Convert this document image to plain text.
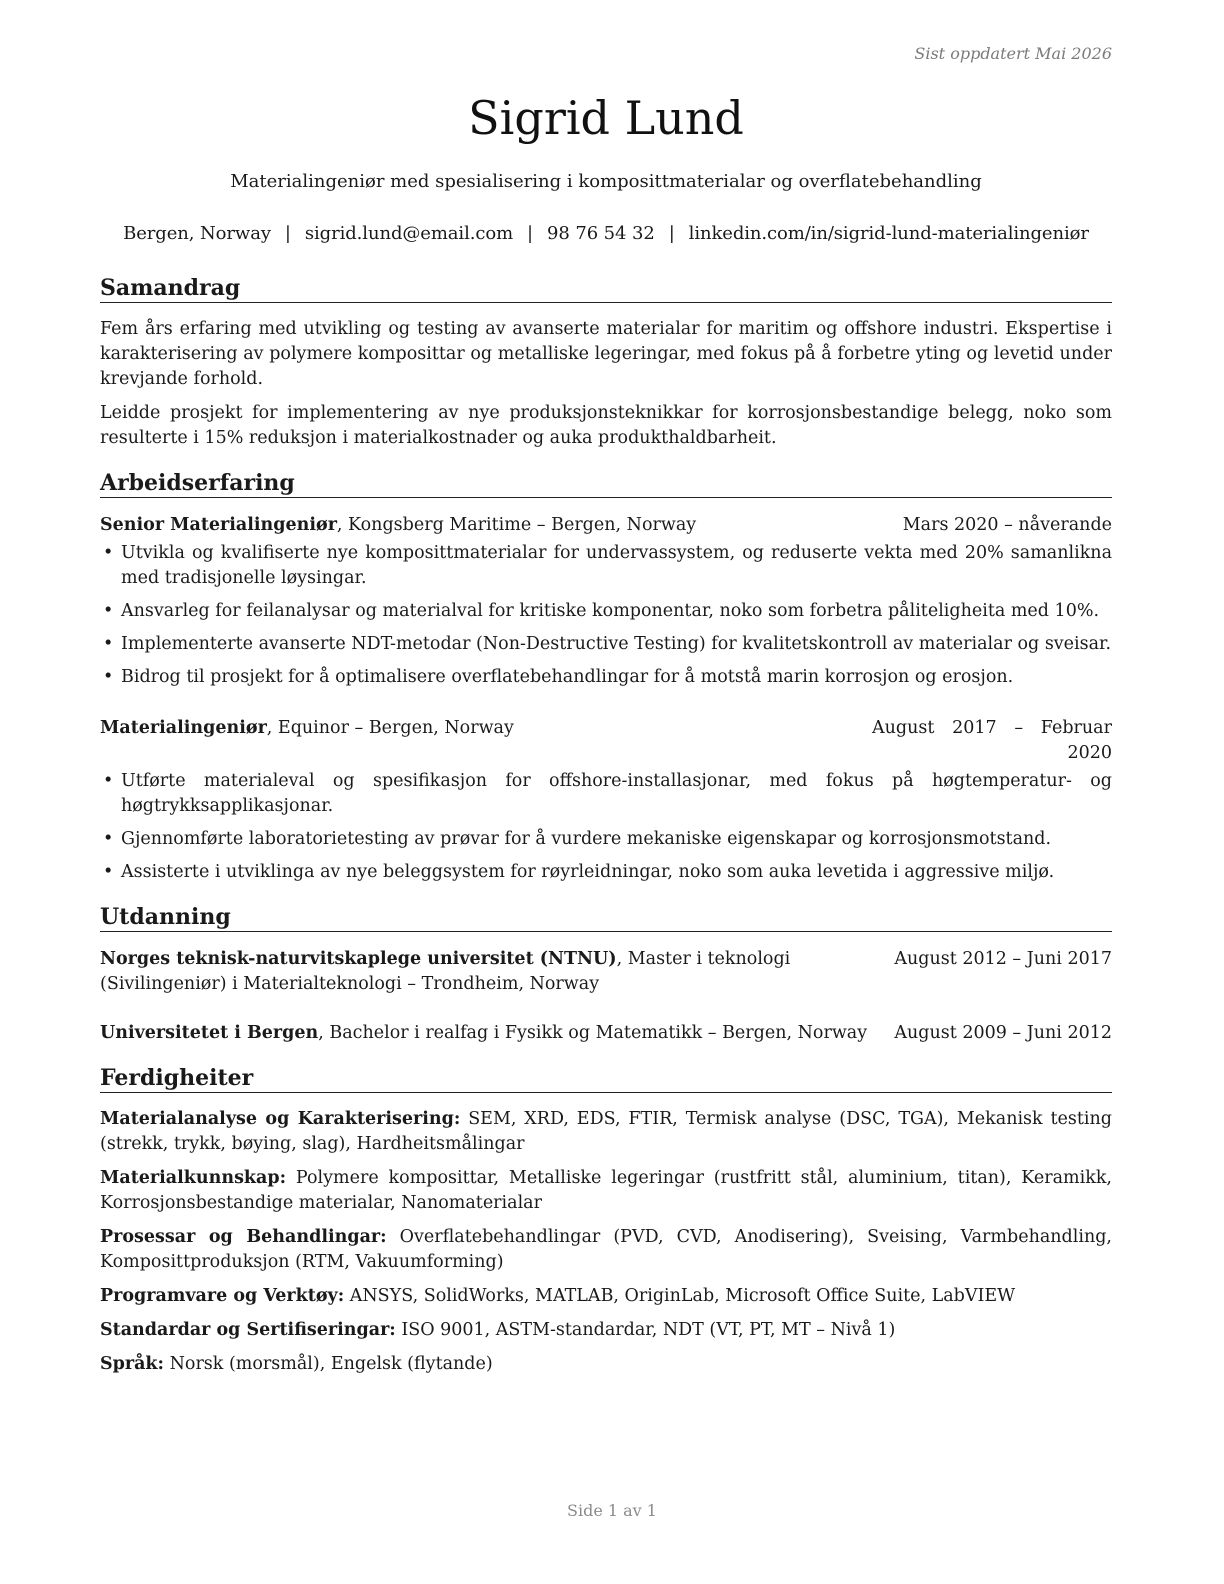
Sist oppdatert Mai 2026
Sigrid Lund
Materialingeniør med spesialisering i komposittmaterialar og overflatebehandling
Bergen, Norway | sigrid.lund@email.com | 98 76 54 32 | linkedin.com/in/sigrid-lund-materialingeniør
Samandrag

Fem års erfaring med utvikling og testing av avanserte materialar for maritim og offshore industri. Ekspertise i karakterisering av polymere komposittar og metalliske legeringar, med fokus på å forbetre yting og levetid under krevjande forhold.

Leidde prosjekt for implementering av nye produksjonsteknikkar for korrosjonsbestandige belegg, noko som resulterte i 15% reduksjon i materialkostnader og auka produkthaldbarheit.

Arbeidserfaring
Senior Materialingeniør, Kongsberg Maritime – Bergen, Norway	Mars 2020 – nåverande
• Utvikla og kvalifiserte nye komposittmaterialar for undervassystem, og reduserte vekta med 20% samanlikna med tradisjonelle løysingar.
• Ansvarleg for feilanalysar og materialval for kritiske komponentar, noko som forbetra påliteligheita med 10%.
• Implementerte avanserte NDT-metodar (Non-Destructive Testing) for kvalitetskontroll av materialar og sveisar.
• Bidrog til prosjekt for å optimalisere overflatebehandlingar for å motstå marin korrosjon og erosjon.
Materialingeniør, Equinor – Bergen, Norway	August 2017 – Februar 2020
• Utførte materialeval og spesifikasjon for offshore-installasjonar, med fokus på høgtemperatur- og høgtrykksapplikasjonar.
• Gjennomførte laboratorietesting av prøvar for å vurdere mekaniske eigenskapar og korrosjonsmotstand.
• Assisterte i utviklinga av nye beleggsystem for røyrleidningar, noko som auka levetida i aggressive miljø.
Utdanning
Norges teknisk-naturvitskaplege universitet (NTNU), Master i teknologi (Sivilingeniør) i Materialteknologi – Trondheim, Norway
August 2012 – Juni 2017
Universitetet i Bergen, Bachelor i realfag i Fysikk og Matematikk – Bergen, Norway	August 2009 – Juni 2012
Ferdigheiter
Materialanalyse og Karakterisering: SEM, XRD, EDS, FTIR, Termisk analyse (DSC, TGA), Mekanisk testing (strekk, trykk, bøying, slag), Hardheitsmålingar
Materialkunnskap: Polymere komposittar, Metalliske legeringar (rustfritt stål, aluminium, titan), Keramikk, Korrosjonsbestandige materialar, Nanomaterialar
Prosessar og Behandlingar: Overflatebehandlingar (PVD, CVD, Anodisering), Sveising, Varmbehandling, Komposittproduksjon (RTM, Vakuumforming)
Programvare og Verktøy: ANSYS, SolidWorks, MATLAB, OriginLab, Microsoft Office Suite, LabVIEW
Standardar og Sertifiseringar: ISO 9001, ASTM-standardar, NDT (VT, PT, MT – Nivå 1)
Språk: Norsk (morsmål), Engelsk (flytande)
Side 1 av 1
